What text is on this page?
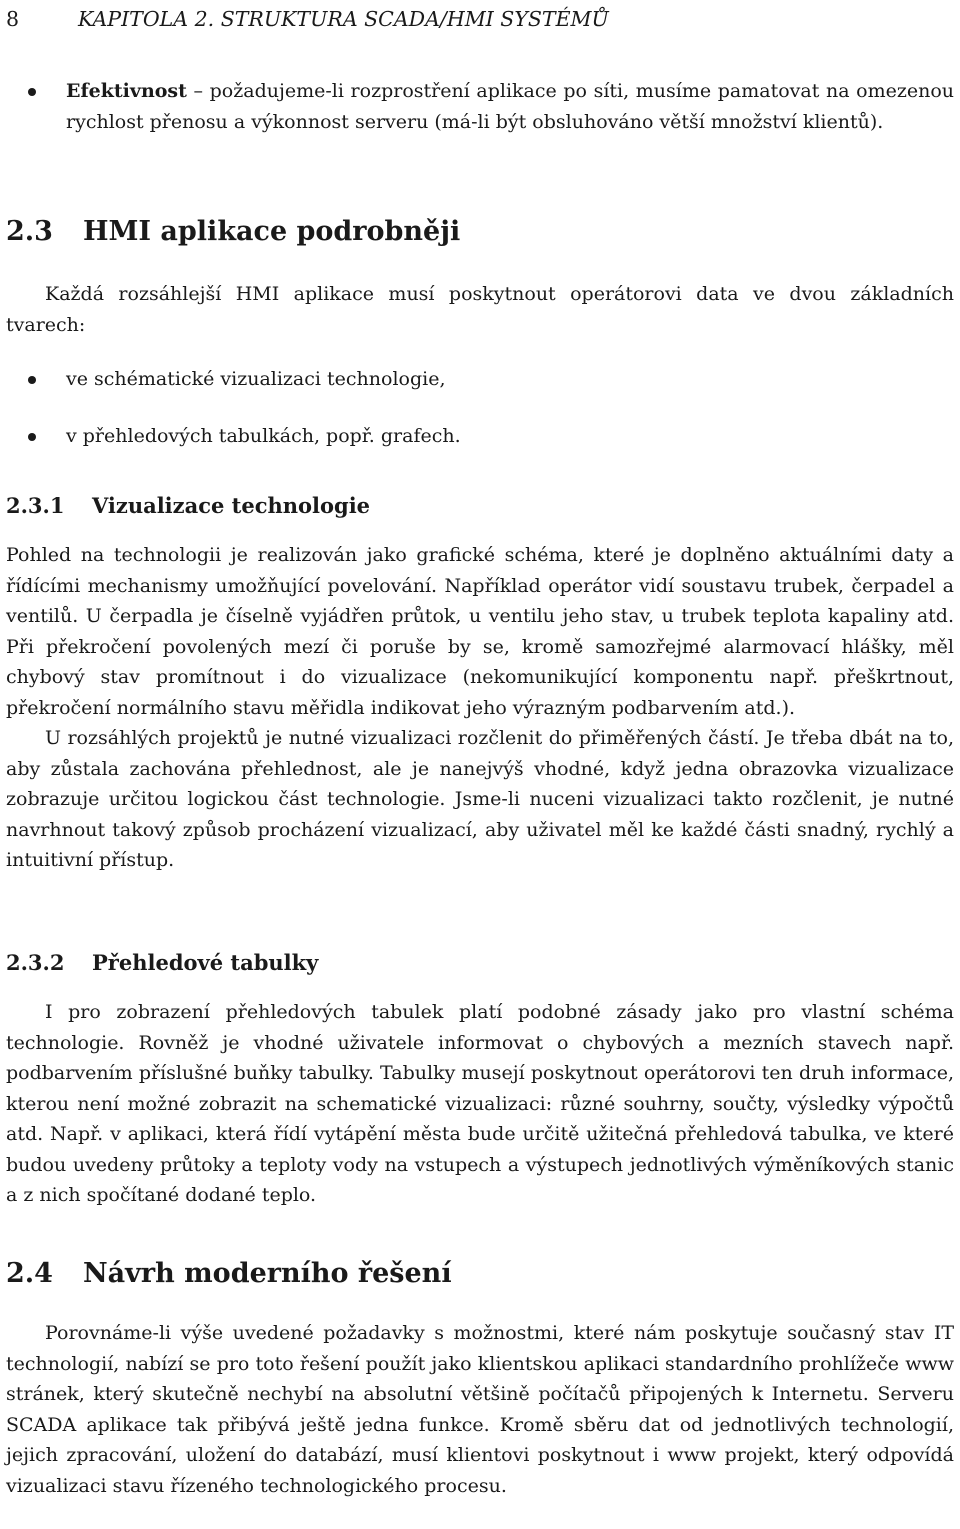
8	KAPITOLA 2. STRUKTURA SCADA/HMI SYSTÉMŮ
Efektivnost – požadujeme-li rozprostření aplikace po síti, musíme pamatovat na omezenou rychlost přenosu a výkonnost serveru (má-li být obsluhováno větší množství klientů).
2.3 HMI aplikace podrobněji

Každá rozsáhlejší HMI aplikace musí poskytnout operátorovi data ve dvou základních tvarech:

ve schématické vizualizaci technologie,
v přehledových tabulkách, popř. grafech.
2.3.1 Vizualizace technologie

Pohled na technologii je realizován jako grafické schéma, které je doplněno aktuálními daty a řídícími mechanismy umožňující povelování. Například operátor vidí soustavu trubek, čerpadel a ventilů. U čerpadla je číselně vyjádřen průtok, u ventilu jeho stav, u trubek teplota kapaliny atd. Při překročení povolených mezí či poruše by se, kromě samozřejmé alarmovací hlášky, měl chybový stav promítnout i do vizualizace (nekomunikující komponentu např. přeškrtnout, překročení normálního stavu měřidla indikovat jeho výrazným podbarvením atd.).

U rozsáhlých projektů je nutné vizualizaci rozčlenit do přiměřených částí. Je třeba dbát na to, aby zůstala zachována přehlednost, ale je nanejvýš vhodné, když jedna obrazovka vizualizace zobrazuje určitou logickou část technologie. Jsme-li nuceni vizualizaci takto rozčlenit, je nutné navrhnout takový způsob procházení vizualizací, aby uživatel měl ke každé části snadný, rychlý a intuitivní přístup.

2.3.2 Přehledové tabulky

I pro zobrazení přehledových tabulek platí podobné zásady jako pro vlastní schéma technologie. Rovněž je vhodné uživatele informovat o chybových a mezních stavech např. podbarvením příslušné buňky tabulky. Tabulky musejí poskytnout operátorovi ten druh informace, kterou není možné zobrazit na schematické vizualizaci: různé souhrny, součty, výsledky výpočtů atd. Např. v aplikaci, která řídí vytápění města bude určitě užitečná přehledová tabulka, ve které budou uvedeny průtoky a teploty vody na vstupech a výstupech jednotlivých výměníkových stanic a z nich spočítané dodané teplo.

2.4 Návrh moderního řešení

Porovnáme-li výše uvedené požadavky s možnostmi, které nám poskytuje současný stav IT technologií, nabízí se pro toto řešení použít jako klientskou aplikaci standardního prohlížeče www stránek, který skutečně nechybí na absolutní většině počítačů připojených k Internetu. Serveru SCADA aplikace tak přibývá ještě jedna funkce. Kromě sběru dat od jednotlivých technologií, jejich zpracování, uložení do databází, musí klientovi poskytnout i www projekt, který odpovídá vizualizaci stavu řízeného technologického procesu.
